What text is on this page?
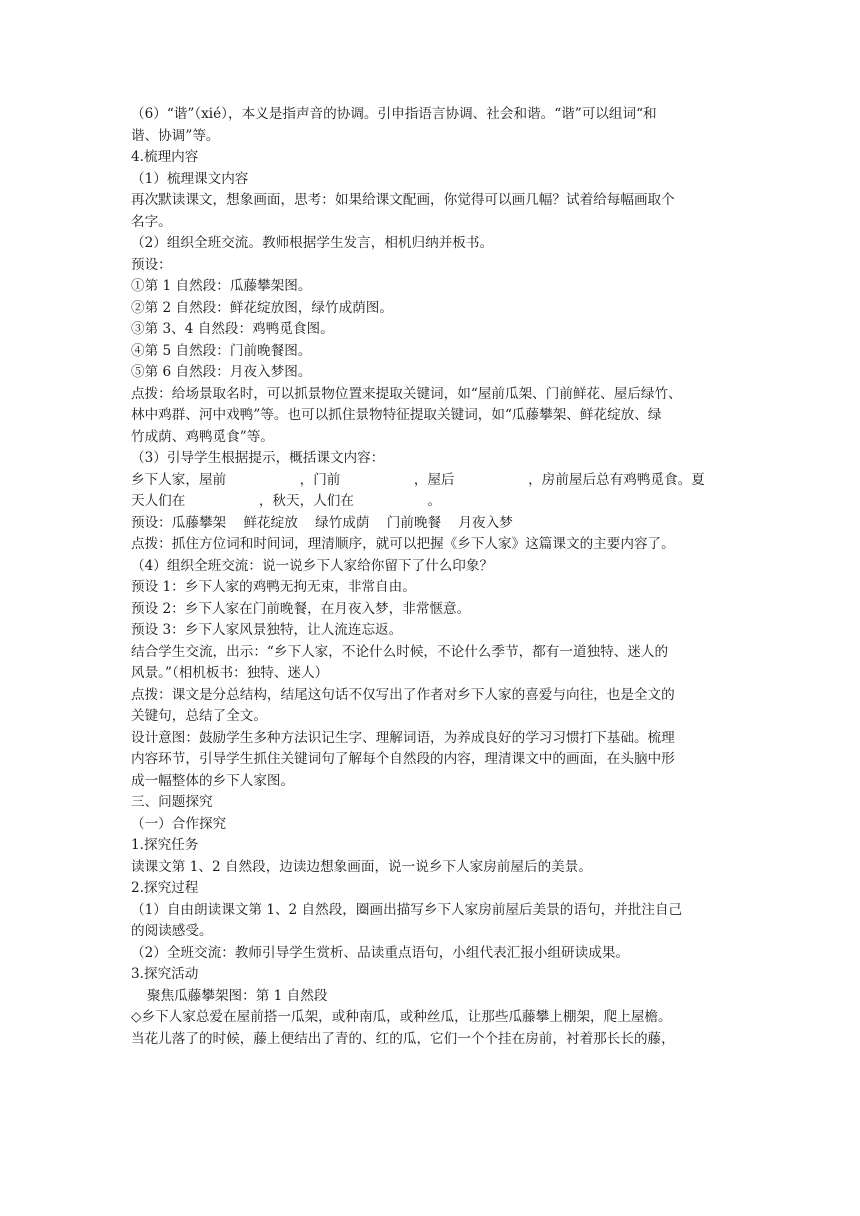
（6）“谐”（xié），本义是指声音的协调。引申指语言协调、社会和谐。“谐”可以组词“和
谐、协调”等。
4.梳理内容
（1）梳理课文内容
再次默读课文，想象画面，思考：如果给课文配画，你觉得可以画几幅？试着给每幅画取个
名字。
（2）组织全班交流。教师根据学生发言，相机归纳并板书。
预设：
①第 1 自然段：瓜藤攀架图。
②第 2 自然段：鲜花绽放图，绿竹成荫图。
③第 3、4 自然段：鸡鸭觅食图。
④第 5 自然段：门前晚餐图。
⑤第 6 自然段：月夜入梦图。
点拨：给场景取名时，可以抓景物位置来提取关键词，如“屋前瓜架、门前鲜花、屋后绿竹、
林中鸡群、河中戏鸭”等。也可以抓住景物特征提取关键词，如“瓜藤攀架、鲜花绽放、绿
竹成荫、鸡鸭觅食”等。
（3）引导学生根据提示，概括课文内容：
乡下人家，屋前                 ，门前                 ，屋后                 ，房前屋后总有鸡鸭觅食。夏
天人们在                 ，秋天，人们在                 。
预设：瓜藤攀架    鲜花绽放    绿竹成荫    门前晚餐    月夜入梦
点拨：抓住方位词和时间词，理清顺序，就可以把握《乡下人家》这篇课文的主要内容了。
（4）组织全班交流：说一说乡下人家给你留下了什么印象？
预设 1：乡下人家的鸡鸭无拘无束，非常自由。
预设 2：乡下人家在门前晚餐，在月夜入梦，非常惬意。
预设 3：乡下人家风景独特，让人流连忘返。
结合学生交流，出示：“乡下人家，不论什么时候，不论什么季节，都有一道独特、迷人的
风景。”（相机板书：独特、迷人）
点拨：课文是分总结构，结尾这句话不仅写出了作者对乡下人家的喜爱与向往，也是全文的
关键句，总结了全文。
设计意图：鼓励学生多种方法识记生字、理解词语，为养成良好的学习习惯打下基础。梳理
内容环节，引导学生抓住关键词句了解每个自然段的内容，理清课文中的画面，在头脑中形
成一幅整体的乡下人家图。
三、问题探究
（一）合作探究
1.探究任务
读课文第 1、2 自然段，边读边想象画面，说一说乡下人家房前屋后的美景。
2.探究过程
（1）自由朗读课文第 1、2 自然段，圈画出描写乡下人家房前屋后美景的语句，并批注自己
的阅读感受。
（2）全班交流：教师引导学生赏析、品读重点语句，小组代表汇报小组研读成果。
3.探究活动
聚焦瓜藤攀架图：第 1 自然段
◇乡下人家总爱在屋前搭一瓜架，或种南瓜，或种丝瓜，让那些瓜藤攀上棚架，爬上屋檐。
当花儿落了的时候，藤上便结出了青的、红的瓜，它们一个个挂在房前，衬着那长长的藤，
